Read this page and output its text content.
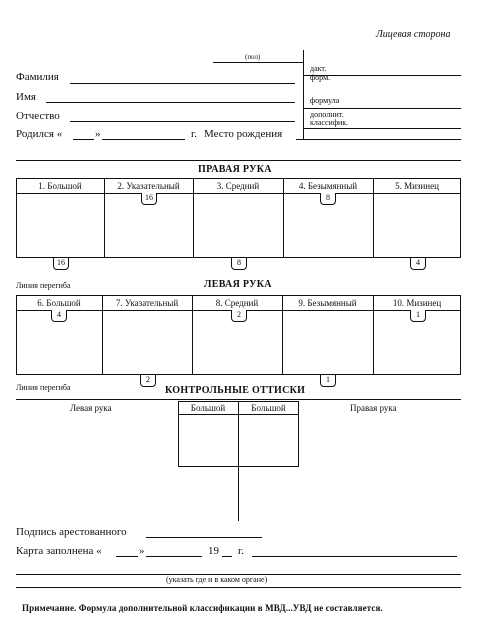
Лицевая сторона
(пол)
дакт.
форм.
формула
дополнит.
классифик.
Фамилия
Имя
Отчество
Родился «	»	г. Место рождения
ПРАВАЯ РУКА
1. Большой	2. Указательный	3. Средний	4. Безымянный	5. Мизинец
16	8
16	8	4
Линия перегиба	ЛЕВАЯ РУКА
6. Большой	7. Указательный	8. Средний	9. Безымянный	10. Мизинец
4	2	1
2	1
Линия перегиба	КОНТРОЛЬНЫЕ ОТТИСКИ
Левая рука	Правая рука
Большой	Большой
Подпись арестованного
Карта заполнена «	»	19 г.
(указать где и в каком органе)
Примечание. Формула дополнительной классификации в МВД...УВД не составляется.
